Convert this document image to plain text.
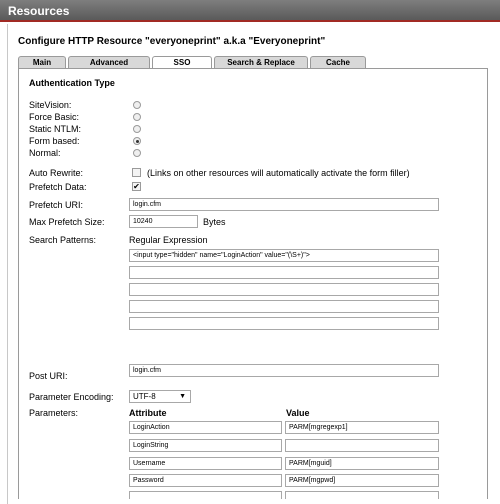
Resources
Configure HTTP Resource "everyoneprint" a.k.a "Everyoneprint"
Main	Advanced	SSO	Search & Replace	Cache
Authentication Type
SiteVision:
Force Basic:
Static NTLM:
Form based:
Normal:
Auto Rewrite:	(Links on other resources will automatically activate the form filler)
Prefetch Data:	✔
Prefetch URI:	login.cfm
Max Prefetch Size:	10240	Bytes
Search Patterns:	Regular Expression
<input type="hidden" name="LoginAction" value="(\S+)">
Post URI:
login.cfm
Parameter Encoding:	UTF-8	▼
Parameters:	Attribute	Value
LoginAction	PARM[mgregexp1]
LoginString
Username	PARM[mguid]
Password	PARM[mgpwd]
